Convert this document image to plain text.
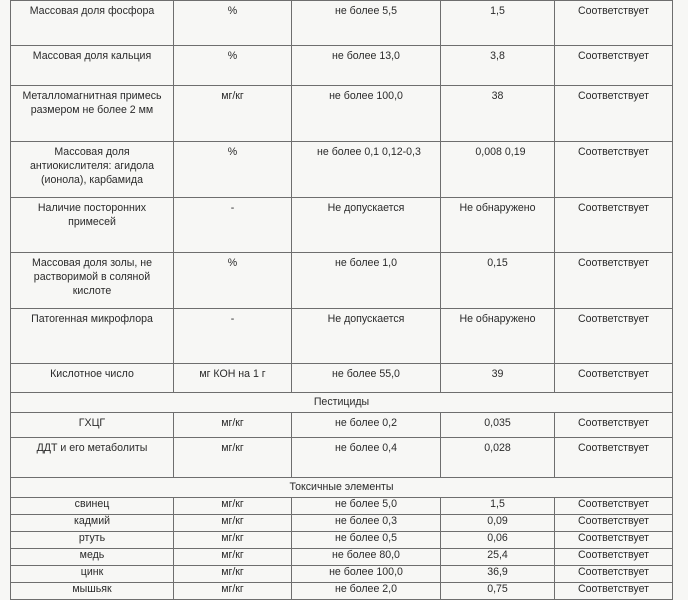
Массовая доля фосфора	%	не более 5,5	1,5	Соответствует

Массовая доля кальция	%	не более 13,0	3,8	Соответствует
Металломагнитная примесь размером не более 2 мм	мг/кг	не более 100,0	38	Соответствует
Массовая доля антиокислителя: агидола (ионола), карбамида	%	не более 0,1 0,12-0,3	0,008 0,19	Соответствует
Наличие посторонних примесей	-	Не допускается	Не обнаружено	Соответствует
Массовая доля золы, не растворимой в соляной кислоте	%	не более 1,0	0,15	Соответствует

Патогенная микрофлора	-	Не допускается	Не обнаружено	Соответствует

Кислотное число	мг КОН на 1 г	не более 55,0	39	Соответствует
Пестициды				
ГХЦГ	мг/кг	не более 0,2	0,035	Соответствует
ДДТ и его метаболиты	мг/кг	не более 0,4	0,028	Соответствует
Токсичные элементы				
свинец	мг/кг	не более 5,0	1,5	Соответствует
кадмий	мг/кг	не более 0,3	0,09	Соответствует
ртуть	мг/кг	не более 0,5	0,06	Соответствует
медь	мг/кг	не более 80,0	25,4	Соответствует
цинк	мг/кг	не более 100,0	36,9	Соответствует
мышьяк	мг/кг	не более 2,0	0,75	Соответствует
